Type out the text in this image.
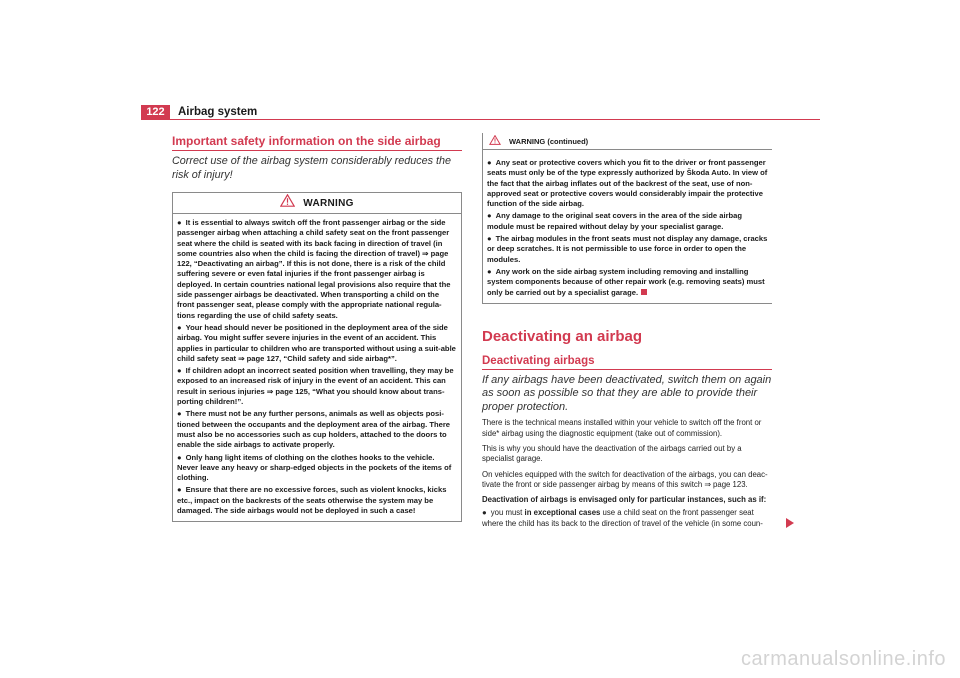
122	Airbag system

Important safety information on the side airbag

Correct use of the airbag system considerably reduces the risk of injury!

WARNING

● It is essential to always switch off the front passenger airbag or the side passenger airbag when attaching a child safety seat on the front passenger seat where the child is seated with its back facing in direction of travel (in some countries also when the child is facing the direction of travel) ⇒ page 122, “Deactivating an airbag”. If this is not done, there is a risk of the child suffering severe or even fatal injuries if the front passenger airbag is deployed. In certain countries national legal provisions also require that the side passenger airbags be deactivated. When transporting a child on the front passenger seat, please comply with the appropriate national regula-tions regarding the use of child safety seats.

● Your head should never be positioned in the deployment area of the side airbag. You might suffer severe injuries in the event of an accident. This applies in particular to children who are transported without using a suit-able child safety seat ⇒ page 127, “Child safety and side airbag*”.

● If children adopt an incorrect seated position when travelling, they may be exposed to an increased risk of injury in the event of an accident. This can result in serious injuries ⇒ page 125, “What you should know about trans-porting children!”.

● There must not be any further persons, animals as well as objects posi-tioned between the occupants and the deployment area of the airbag. There must also be no accessories such as cup holders, attached to the doors to enable the side airbags to activate properly.

● Only hang light items of clothing on the clothes hooks to the vehicle. Never leave any heavy or sharp-edged objects in the pockets of the items of clothing.

● Ensure that there are no excessive forces, such as violent knocks, kicks etc., impact on the backrests of the seats otherwise the system may be damaged. The side airbags would not be deployed in such a case!

WARNING (continued)

● Any seat or protective covers which you fit to the driver or front passenger seats must only be of the type expressly authorized by Škoda Auto. In view of the fact that the airbag inflates out of the backrest of the seat, use of non-approved seat or protective covers would considerably impair the protective function of the side airbag.

● Any damage to the original seat covers in the area of the side airbag module must be repaired without delay by your specialist garage.

● The airbag modules in the front seats must not display any damage, cracks or deep scratches. It is not permissible to use force in order to open the modules.

● Any work on the side airbag system including removing and installing system components because of other repair work (e.g. removing seats) must only be carried out by a specialist garage.

Deactivating an airbag

Deactivating airbags

If any airbags have been deactivated, switch them on again as soon as possible so that they are able to provide their proper protection.

There is the technical means installed within your vehicle to switch off the front or side* airbag using the diagnostic equipment (take out of commission).

This is why you should have the deactivation of the airbags carried out by a specialist garage.

On vehicles equipped with the switch for deactivation of the airbags, you can deac-tivate the front or side passenger airbag by means of this switch ⇒ page 123.

Deactivation of airbags is envisaged only for particular instances, such as if:

● you must in exceptional cases use a child seat on the front passenger seat where the child has its back to the direction of travel of the vehicle (in some coun-

carmanualsonline.info
